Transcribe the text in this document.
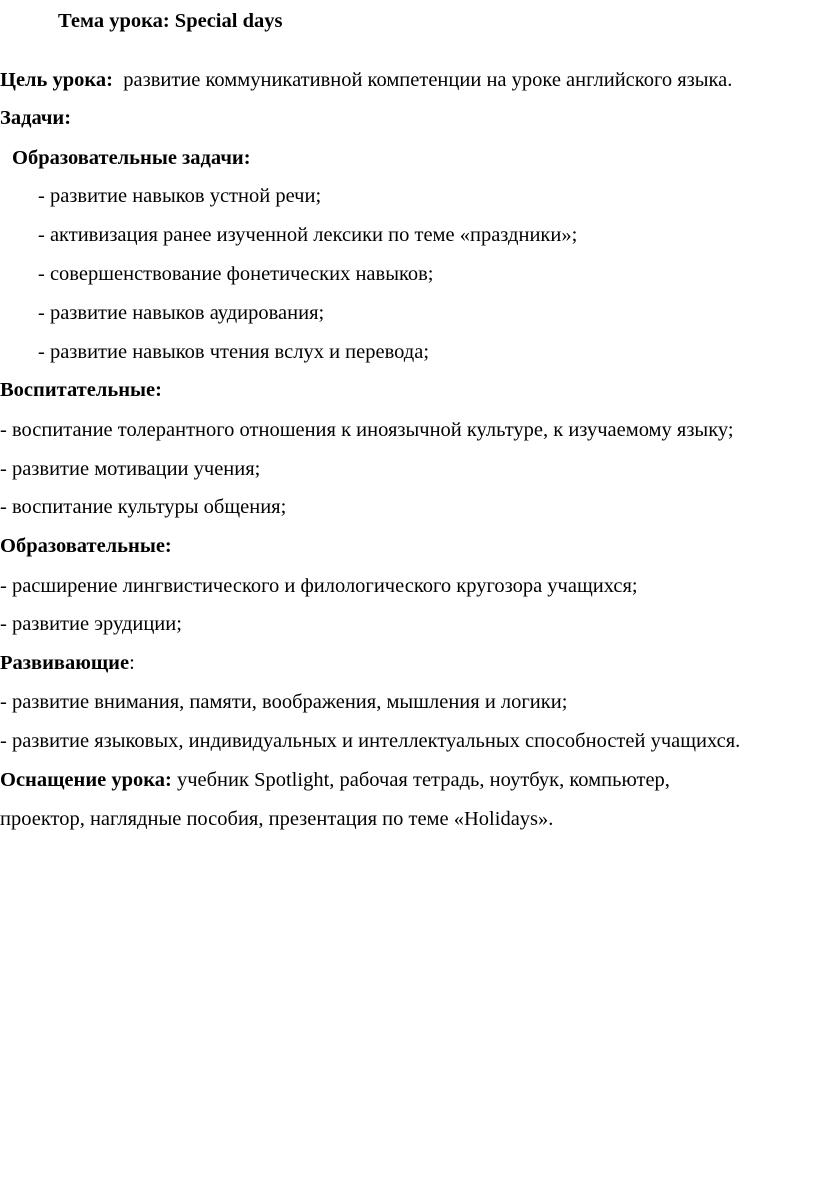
Тема урока: Special days
Цель урока: развитие коммуникативной компетенции на уроке английского языка.
Задачи:
Образовательные задачи:
- развитие навыков устной речи;
- активизация ранее изученной лексики по теме «праздники»;
- совершенствование фонетических навыков;
- развитие навыков аудирования;
- развитие навыков чтения вслух и перевода;
Воспитательные:
- воспитание толерантного отношения к иноязычной культуре, к изучаемому языку;
- развитие мотивации учения;
- воспитание культуры общения;
Образовательные:
- расширение лингвистического и филологического кругозора учащихся;
- развитие эрудиции;
Развивающие:
- развитие внимания, памяти, воображения, мышления и логики;
- развитие языковых, индивидуальных и интеллектуальных способностей учащихся.
Оснащение урока: учебник Spotlight, рабочая тетрадь, ноутбук, компьютер,
проектор, наглядные пособия, презентация по теме «Holidays».
